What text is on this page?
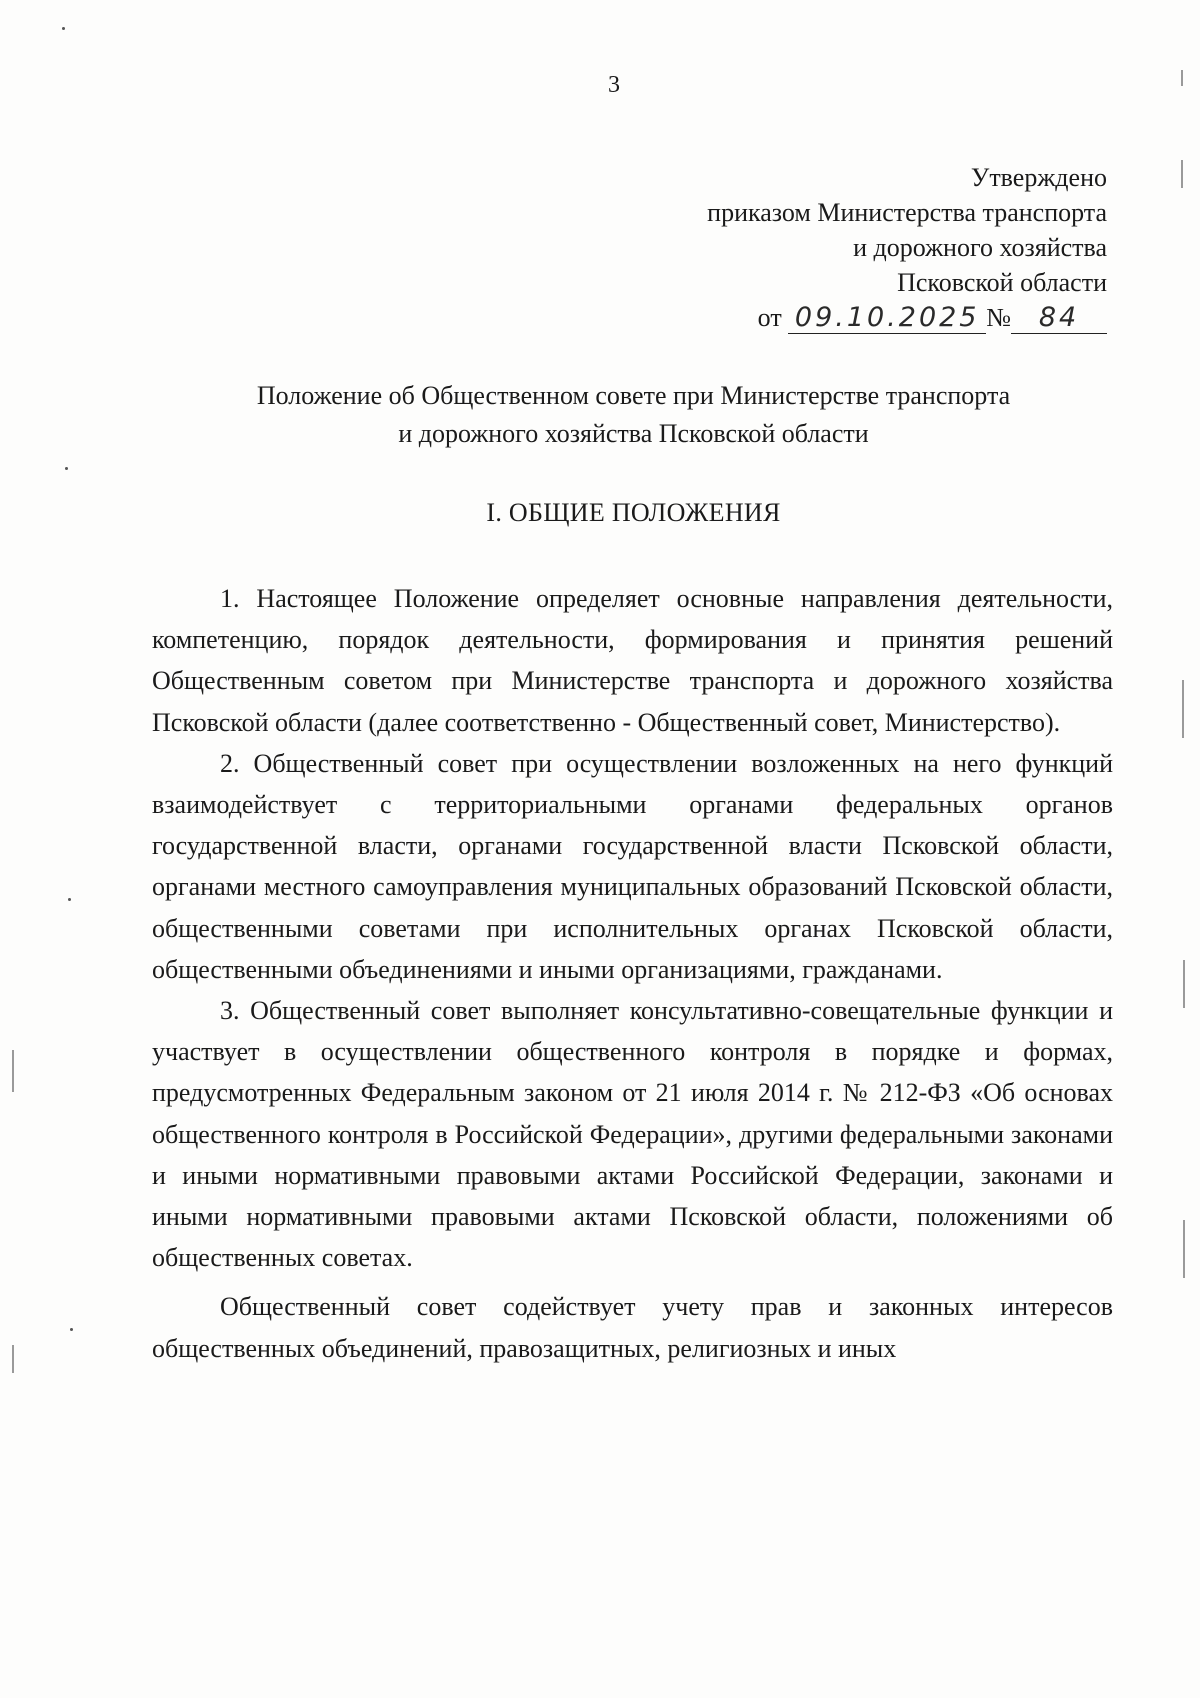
3
Утверждено
приказом Министерства транспорта
и дорожного хозяйства
Псковской области
от 09.10.2025 № 84
Положение об Общественном совете при Министерстве транспорта
и дорожного хозяйства Псковской области
I. ОБЩИЕ ПОЛОЖЕНИЯ

1. Настоящее Положение определяет основные направления деятельности, компетенцию, порядок деятельности, формирования и принятия решений Общественным советом при Министерстве транспорта и дорожного хозяйства Псковской области (далее соответственно - Общественный совет, Министерство).

2. Общественный совет при осуществлении возложенных на него функций взаимодействует с территориальными органами федеральных органов государственной власти, органами государственной власти Псковской области, органами местного самоуправления муниципальных образований Псковской области, общественными советами при исполнительных органах Псковской области, общественными объединениями и иными организациями, гражданами.

3. Общественный совет выполняет консультативно-совещательные функции и участвует в осуществлении общественного контроля в порядке и формах, предусмотренных Федеральным законом от 21 июля 2014 г. № 212-ФЗ «Об основах общественного контроля в Российской Федерации», другими федеральными законами и иными нормативными правовыми актами Российской Федерации, законами и иными нормативными правовыми актами Псковской области, положениями об общественных советах.

Общественный совет содействует учету прав и законных интересов общественных объединений, правозащитных, религиозных и иных
